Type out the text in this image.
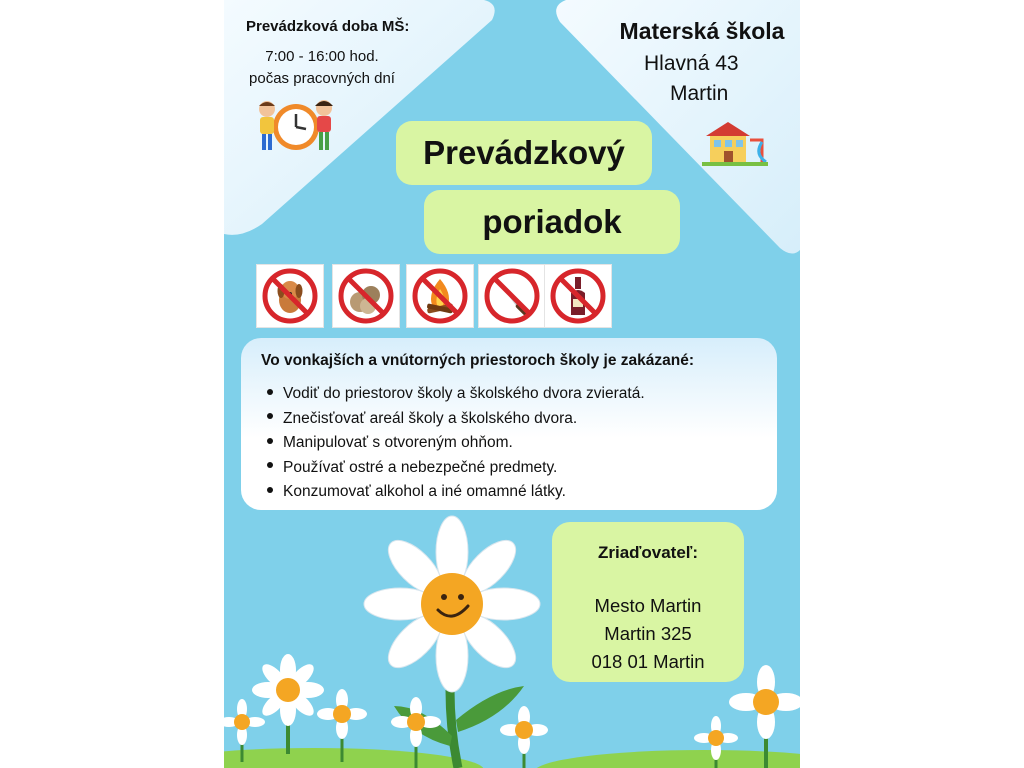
Prevádzková doba MŠ:
7:00 - 16:00 hod.
počas pracovných dní
Materská škola
Hlavná 43
Martin
Prevádzkový
poriadok
Vo vonkajších a vnútorných priestoroch školy je zakázané:
Vodiť do priestorov školy a školského dvora zvieratá.
Znečisťovať areál školy a školského dvora.
Manipulovať s otvoreným ohňom.
Používať ostré a nebezpečné predmety.
Konzumovať alkohol a iné omamné látky.
Zriaďovateľ:
Mesto Martin
Martin 325
018 01 Martin
